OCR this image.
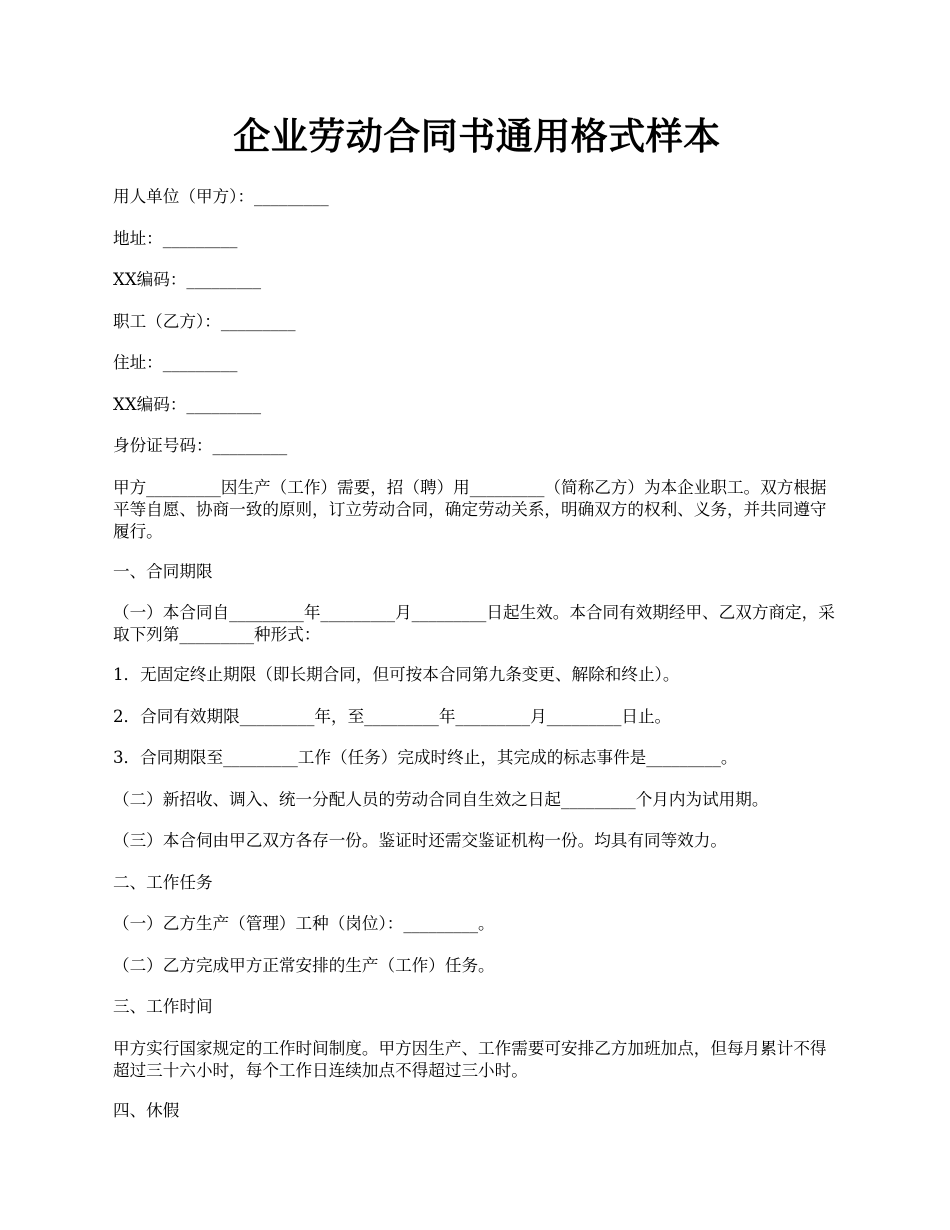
企业劳动合同书通用格式样本
用人单位（甲方）：_________
地址：_________
XX编码：_________
职工（乙方）：_________
住址：_________
XX编码：_________
身份证号码：_________
甲方_________因生产（工作）需要，招（聘）用_________（简称乙方）为本企业职工。双方根据平等自愿、协商一致的原则，订立劳动合同，确定劳动关系，明确双方的权利、义务，并共同遵守履行。
一、合同期限
（一）本合同自_________年_________月_________日起生效。本合同有效期经甲、乙双方商定，采取下列第_________种形式：
1．无固定终止期限（即长期合同，但可按本合同第九条变更、解除和终止）。
2．合同有效期限_________年，至_________年_________月_________日止。
3．合同期限至_________工作（任务）完成时终止，其完成的标志事件是_________。
（二）新招收、调入、统一分配人员的劳动合同自生效之日起_________个月内为试用期。
（三）本合伺由甲乙双方各存一份。鉴证时还需交鉴证机构一份。均具有同等效力。
二、工作任务
（一）乙方生产（管理）工种（岗位）：_________。
（二）乙方完成甲方正常安排的生产（工作）任务。
三、工作时间
甲方实行国家规定的工作时间制度。甲方因生产、工作需要可安排乙方加班加点，但每月累计不得超过三十六小时，每个工作日连续加点不得超过三小时。
四、休假
